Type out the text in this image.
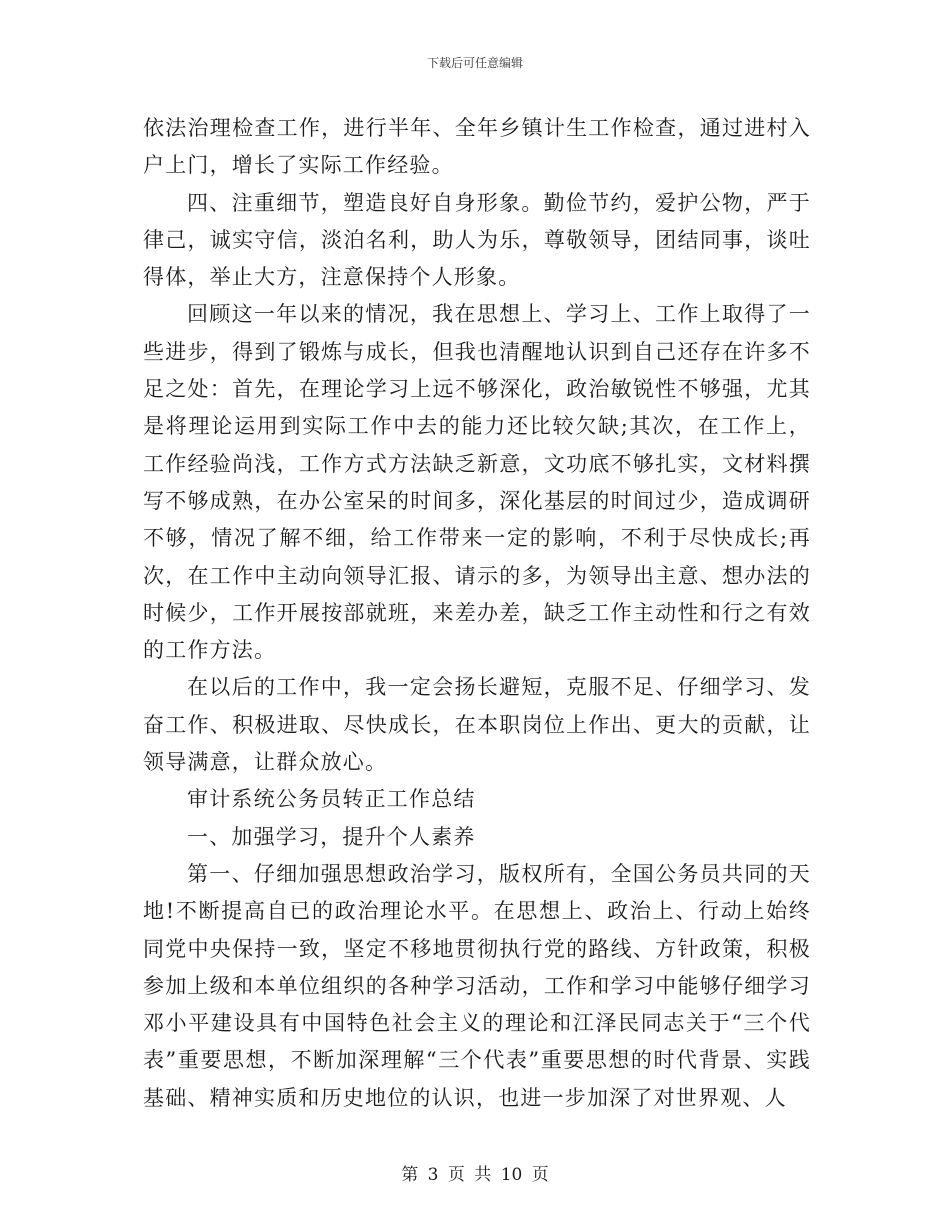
下载后可任意编辑

依法治理检查工作，进行半年、全年乡镇计生工作检查，通过进村入户上门，增长了实际工作经验。

四、注重细节，塑造良好自身形象。勤俭节约，爱护公物，严于律己，诚实守信，淡泊名利，助人为乐，尊敬领导，团结同事，谈吐得体，举止大方，注意保持个人形象。

回顾这一年以来的情况，我在思想上、学习上、工作上取得了一些进步，得到了锻炼与成长，但我也清醒地认识到自己还存在许多不足之处：首先，在理论学习上远不够深化，政治敏锐性不够强，尤其是将理论运用到实际工作中去的能力还比较欠缺;其次，在工作上，工作经验尚浅，工作方式方法缺乏新意，文功底不够扎实，文材料撰写不够成熟，在办公室呆的时间多，深化基层的时间过少，造成调研不够，情况了解不细，给工作带来一定的影响，不利于尽快成长;再次，在工作中主动向领导汇报、请示的多，为领导出主意、想办法的时候少，工作开展按部就班，来差办差，缺乏工作主动性和行之有效的工作方法。

在以后的工作中，我一定会扬长避短，克服不足、仔细学习、发奋工作、积极进取、尽快成长，在本职岗位上作出、更大的贡献，让领导满意，让群众放心。

审计系统公务员转正工作总结

一、加强学习，提升个人素养

第一、仔细加强思想政治学习，版权所有，全国公务员共同的天地!不断提高自已的政治理论水平。在思想上、政治上、行动上始终同党中央保持一致，坚定不移地贯彻执行党的路线、方针政策，积极参加上级和本单位组织的各种学习活动，工作和学习中能够仔细学习邓小平建设具有中国特色社会主义的理论和江泽民同志关于“三个代表”重要思想，不断加深理解“三个代表”重要思想的时代背景、实践基础、精神实质和历史地位的认识，也进一步加深了对世界观、人

第 3 页 共 10 页
